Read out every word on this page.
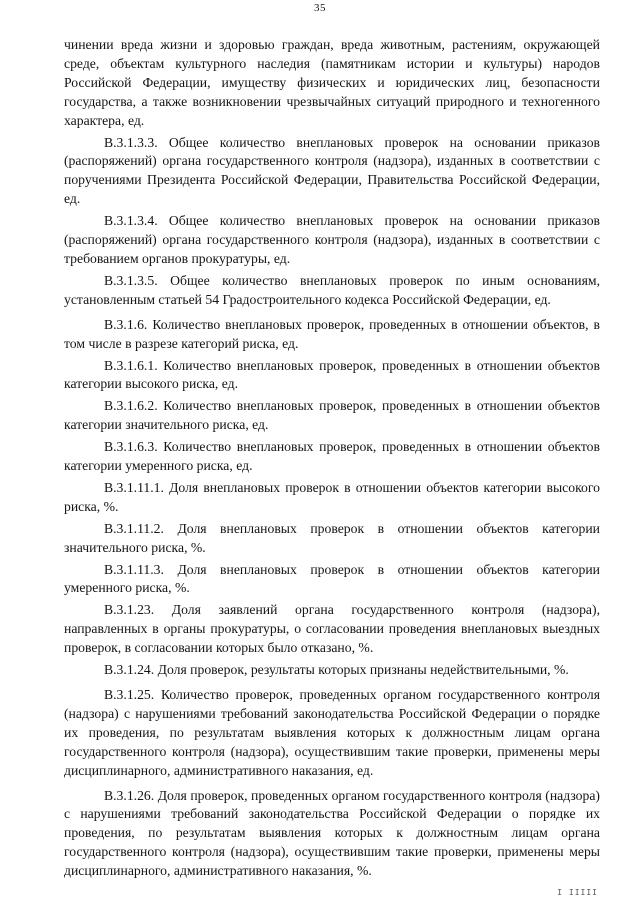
35

чинении вреда жизни и здоровью граждан, вреда животным, растениям, окружающей среде, объектам культурного наследия (памятникам истории и культуры) народов Российской Федерации, имуществу физических и юридических лиц, безопасности государства, а также возникновении чрезвычайных ситуаций природного и техногенного характера, ед.

В.3.1.3.3. Общее количество внеплановых проверок на основании приказов (распоряжений) органа государственного контроля (надзора), изданных в соответствии с поручениями Президента Российской Федерации, Правительства Российской Федерации, ед.

В.3.1.3.4. Общее количество внеплановых проверок на основании приказов (распоряжений) органа государственного контроля (надзора), изданных в соответствии с требованием органов прокуратуры, ед.

В.3.1.3.5. Общее количество внеплановых проверок по иным основаниям, установленным статьей 54 Градостроительного кодекса Российской Федерации, ед.

В.3.1.6. Количество внеплановых проверок, проведенных в отношении объектов, в том числе в разрезе категорий риска, ед.

В.3.1.6.1. Количество внеплановых проверок, проведенных в отношении объектов категории высокого риска, ед.

В.3.1.6.2. Количество внеплановых проверок, проведенных в отношении объектов категории значительного риска, ед.

В.3.1.6.3. Количество внеплановых проверок, проведенных в отношении объектов категории умеренного риска, ед.

В.3.1.11.1. Доля внеплановых проверок в отношении объектов категории высокого риска, %.

В.3.1.11.2. Доля внеплановых проверок в отношении объектов категории значительного риска, %.

В.3.1.11.3. Доля внеплановых проверок в отношении объектов категории умеренного риска, %.

В.3.1.23. Доля заявлений органа государственного контроля (надзора), направленных в органы прокуратуры, о согласовании проведения внеплановых выездных проверок, в согласовании которых было отказано, %.

В.3.1.24. Доля проверок, результаты которых признаны недействительными, %.

В.3.1.25. Количество проверок, проведенных органом государственного контроля (надзора) с нарушениями требований законодательства Российской Федерации о порядке их проведения, по результатам выявления которых к должностным лицам органа государственного контроля (надзора), осуществившим такие проверки, применены меры дисциплинарного, административного наказания, ед.

В.3.1.26. Доля проверок, проведенных органом государственного контроля (надзора) с нарушениями требований законодательства Российской Федерации о порядке их проведения, по результатам выявления которых к должностным лицам органа государственного контроля (надзора), осуществившим такие проверки, применены меры дисциплинарного, административного наказания, %.

I IIIII
